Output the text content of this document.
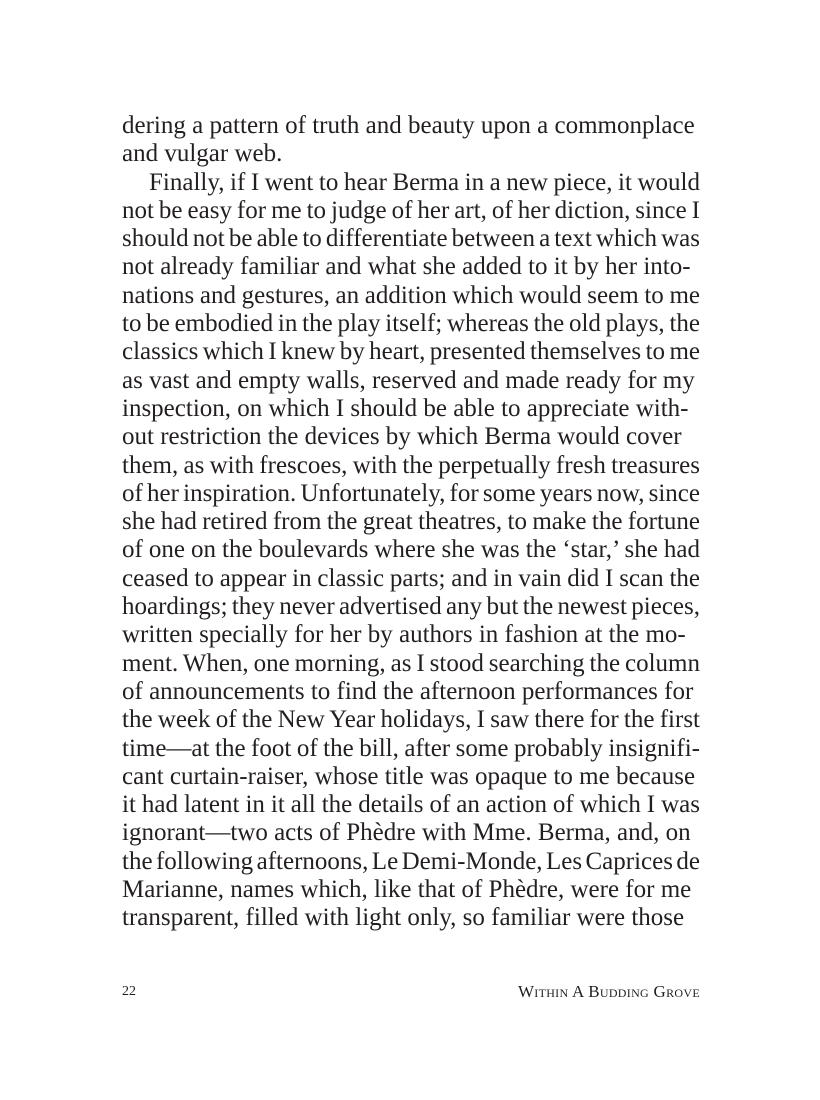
dering a pattern of truth and beauty upon a commonplace
and vulgar web.
Finally, if I went to hear Berma in a new piece, it would
not be easy for me to judge of her art, of her diction, since I
should not be able to differentiate between a text which was
not already familiar and what she added to it by her into-
nations and gestures, an addition which would seem to me
to be embodied in the play itself; whereas the old plays, the
classics which I knew by heart, presented themselves to me
as vast and empty walls, reserved and made ready for my
inspection, on which I should be able to appreciate with-
out restriction the devices by which Berma would cover
them, as with frescoes, with the perpetually fresh treasures
of her inspiration. Unfortunately, for some years now, since
she had retired from the great theatres, to make the fortune
of one on the boulevards where she was the ‘star,’ she had
ceased to appear in classic parts; and in vain did I scan the
hoardings; they never advertised any but the newest pieces,
written specially for her by authors in fashion at the mo-
ment. When, one morning, as I stood searching the column
of announcements to find the afternoon performances for
the week of the New Year holidays, I saw there for the first
time—at the foot of the bill, after some probably insignifi-
cant curtain-raiser, whose title was opaque to me because
it had latent in it all the details of an action of which I was
ignorant—two acts of Phèdre with Mme. Berma, and, on
the following afternoons, Le Demi-Monde, Les Caprices de
Marianne, names which, like that of Phèdre, were for me
transparent, filled with light only, so familiar were those
22	Within A Budding Grove
